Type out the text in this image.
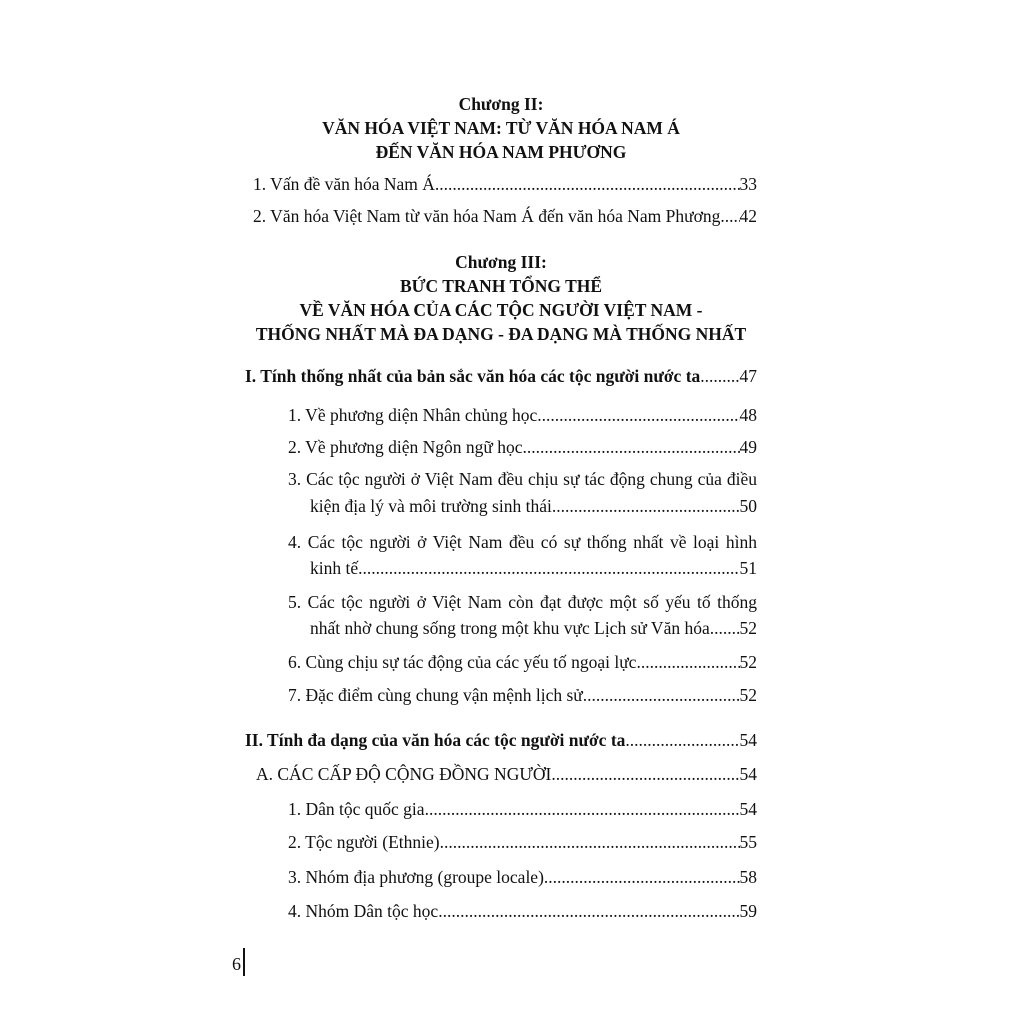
Chương II:
VĂN HÓA VIỆT NAM: TỪ VĂN HÓA NAM Á
ĐẾN VĂN HÓA NAM PHƯƠNG
1. Vấn đề văn hóa Nam Á .....	33
2. Văn hóa Việt Nam từ văn hóa Nam Á đến văn hóa Nam Phương ..... 42
Chương III:
BỨC TRANH TỔNG THỂ
VỀ VĂN HÓA CỦA CÁC TỘC NGƯỜI VIỆT NAM -
THỐNG NHẤT MÀ ĐA DẠNG - ĐA DẠNG MÀ THỐNG NHẤT
I. Tính thống nhất của bản sắc văn hóa các tộc người nước ta ..... 47
1. Về phương diện Nhân chủng học .....	48
2. Về phương diện Ngôn ngữ học .....	49
3. Các tộc người ở Việt Nam đều chịu sự tác động chung của điều
kiện địa lý và môi trường sinh thái .....	50
4. Các tộc người ở Việt Nam đều có sự thống nhất về loại hình
kinh tế .....	51
5. Các tộc người ở Việt Nam còn đạt được một số yếu tố thống
nhất nhờ chung sống trong một khu vực Lịch sử Văn hóa ..... 52
6. Cùng chịu sự tác động của các yếu tố ngoại lực .....	52
7. Đặc điểm cùng chung vận mệnh lịch sử .....	52
II. Tính đa dạng của văn hóa các tộc người nước ta .....	54
A. CÁC CẤP ĐỘ CỘNG ĐỒNG NGƯỜI .....	54
1. Dân tộc quốc gia .....	54
2. Tộc người (Ethnie) .....	55
3. Nhóm địa phương (groupe locale) .....	58
4. Nhóm Dân tộc học .....	59
6
